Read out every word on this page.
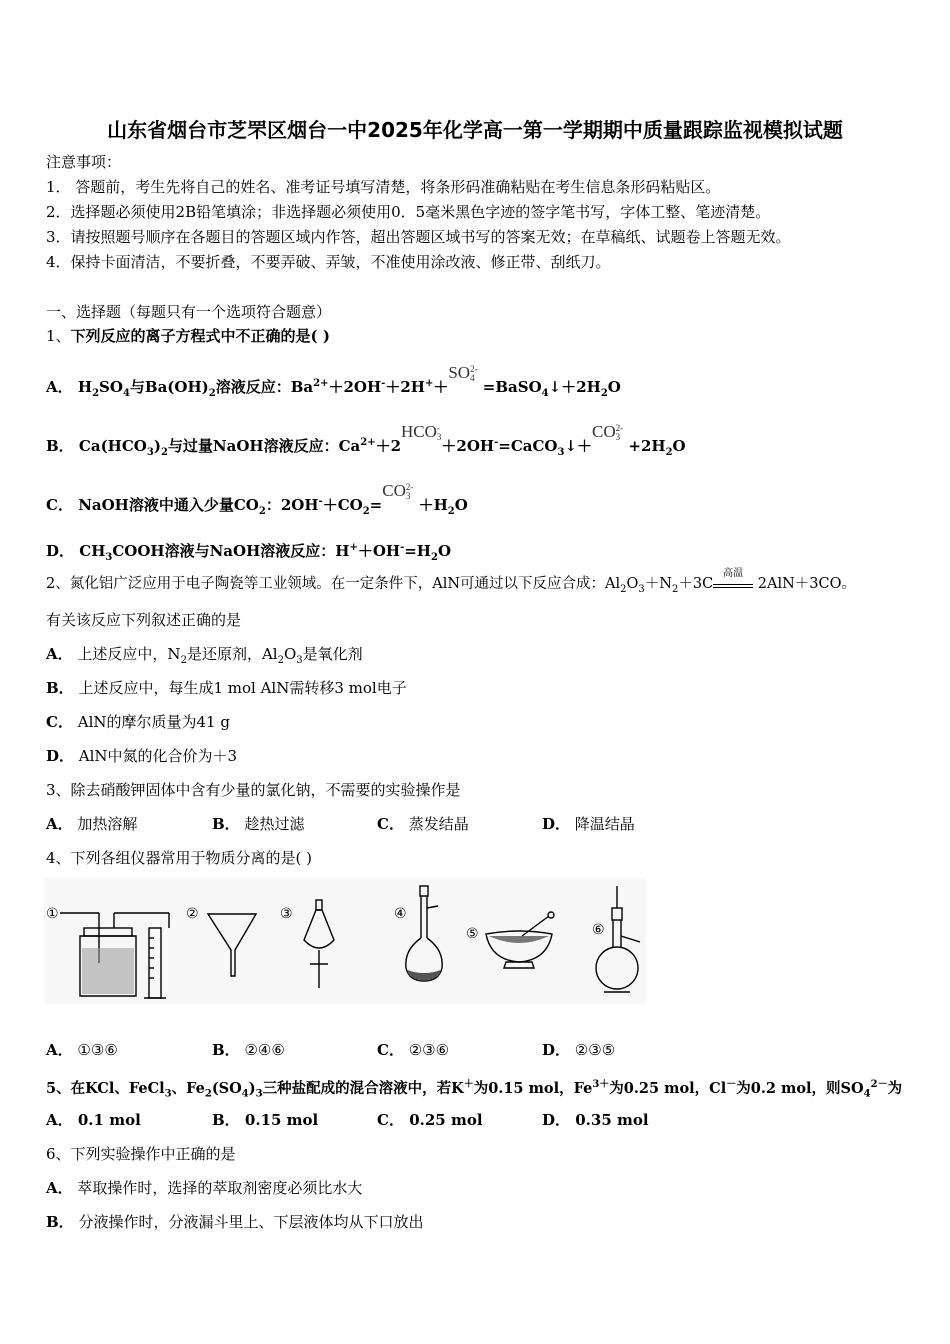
山东省烟台市芝罘区烟台一中2025年化学高一第一学期期中质量跟踪监视模拟试题
注意事项：
1． 答题前，考生先将自己的姓名、准考证号填写清楚，将条形码准确粘贴在考生信息条形码粘贴区。
2．选择题必须使用2B铅笔填涂；非选择题必须使用0．5毫米黑色字迹的签字笔书写，字体工整、笔迹清楚。
3．请按照题号顺序在各题目的答题区域内作答，超出答题区域书写的答案无效；在草稿纸、试题卷上答题无效。
4．保持卡面清洁，不要折叠，不要弄破、弄皱，不准使用涂改液、修正带、刮纸刀。
一、选择题（每题只有一个选项符合题意）
1、下列反应的离子方程式中不正确的是( )
A． $H_2SO_4$与$Ba(OH)_2$溶液反应：$Ba^{2+}+2OH^-+2H^++SO$ 2-
$4 =BaSO_4↓+2H_2O$
B． $Ca(HCO_3)_2$与过量NaOH溶液反应：$Ca^{2+}+2HCO$ -
3 ＋2OH-=CaCO$_3$↓＋CO 2-
$3 +2H_2O$
C． NaOH溶液中通入少量$CO_2$：$2OH^-+CO_2=CO$ 2-
$3 +H_2O$
D． $CH_3COOH$溶液与NaOH溶液反应：$H^++OH^-=H_2O$
2、氮化铝广泛应用于电子陶瓷等工业领域。在一定条件下，AlN可通过以下反应合成：$Al_2O_3+N_2+3C$
高温
2AlN＋3CO。
有关该反应下列叙述正确的是
A． 上述反应中，$N_2$是还原剂，$Al_2O_3$是氧化剂
B． 上述反应中，每生成1 mol AlN需转移3 mol电子
C． AlN的摩尔质量为41 g
D． AlN中氮的化合价为＋3
3、除去硝酸钾固体中含有少量的氯化钠，不需要的实验操作是
A． 加热溶解	B． 趁热过滤	C． 蒸发结晶	D． 降温结晶
4、下列各组仪器常用于物质分离的是( )
①	②	③	④
⑤	⑥
A． ①③⑥	B． ②④⑥	C． ②③⑥	D． ②③⑤
5、在KCl、FeCl$_3$、$Fe_2(SO_4)_3$三种盐配成的混合溶液中，若K＋为0.15 mol，$Fe^{3+}$为0.25 mol，Cl－为0.2 mol，则$SO_4^{2-}$为
A． 0.1 mol	B． 0.15 mol	C． 0.25 mol	D． 0.35 mol
6、下列实验操作中正确的是
A． 萃取操作时，选择的萃取剂密度必须比水大
B． 分液操作时，分液漏斗里上、下层液体均从下口放出
